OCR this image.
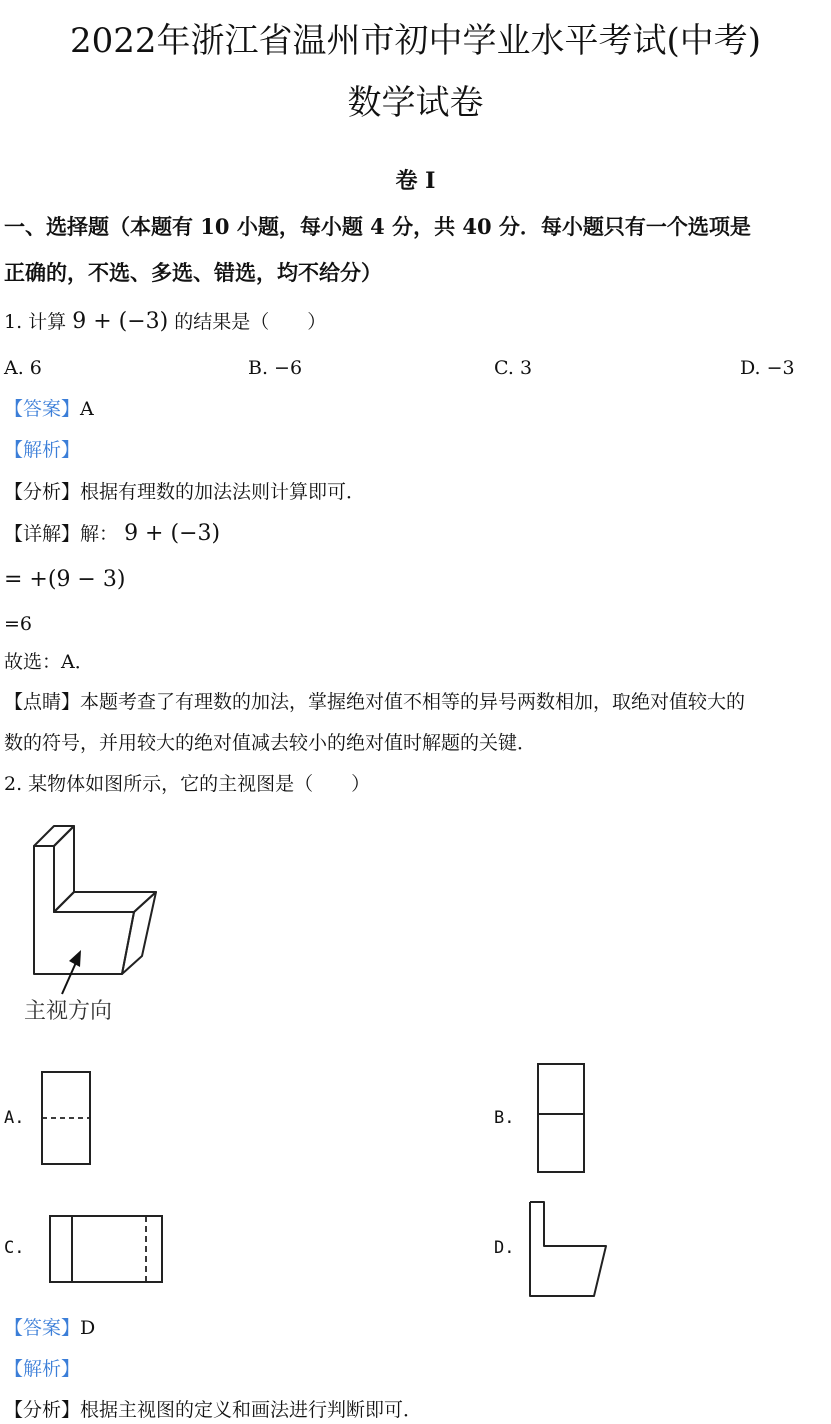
2022年浙江省温州市初中学业水平考试(中考)
数学试卷
卷 I
一、选择题（本题有 10 小题，每小题 4 分，共 40 分．每小题只有一个选项是
正确的，不选、多选、错选，均不给分）
1. 计算 9 + (−3) 的结果是（　　）
A. 6	B. −6	C. 3	D. −3
【答案】A
【解析】
【分析】根据有理数的加法法则计算即可．
【详解】解： 9 + (−3)
= +(9 − 3)
=6
故选：A．
【点睛】本题考查了有理数的加法，掌握绝对值不相等的异号两数相加，取绝对值较大的
数的符号，并用较大的绝对值减去较小的绝对值时解题的关键．
2. 某物体如图所示，它的主视图是（　　）
主视方向
A.	B.
C.	D.
【答案】D
【解析】
【分析】根据主视图的定义和画法进行判断即可．
